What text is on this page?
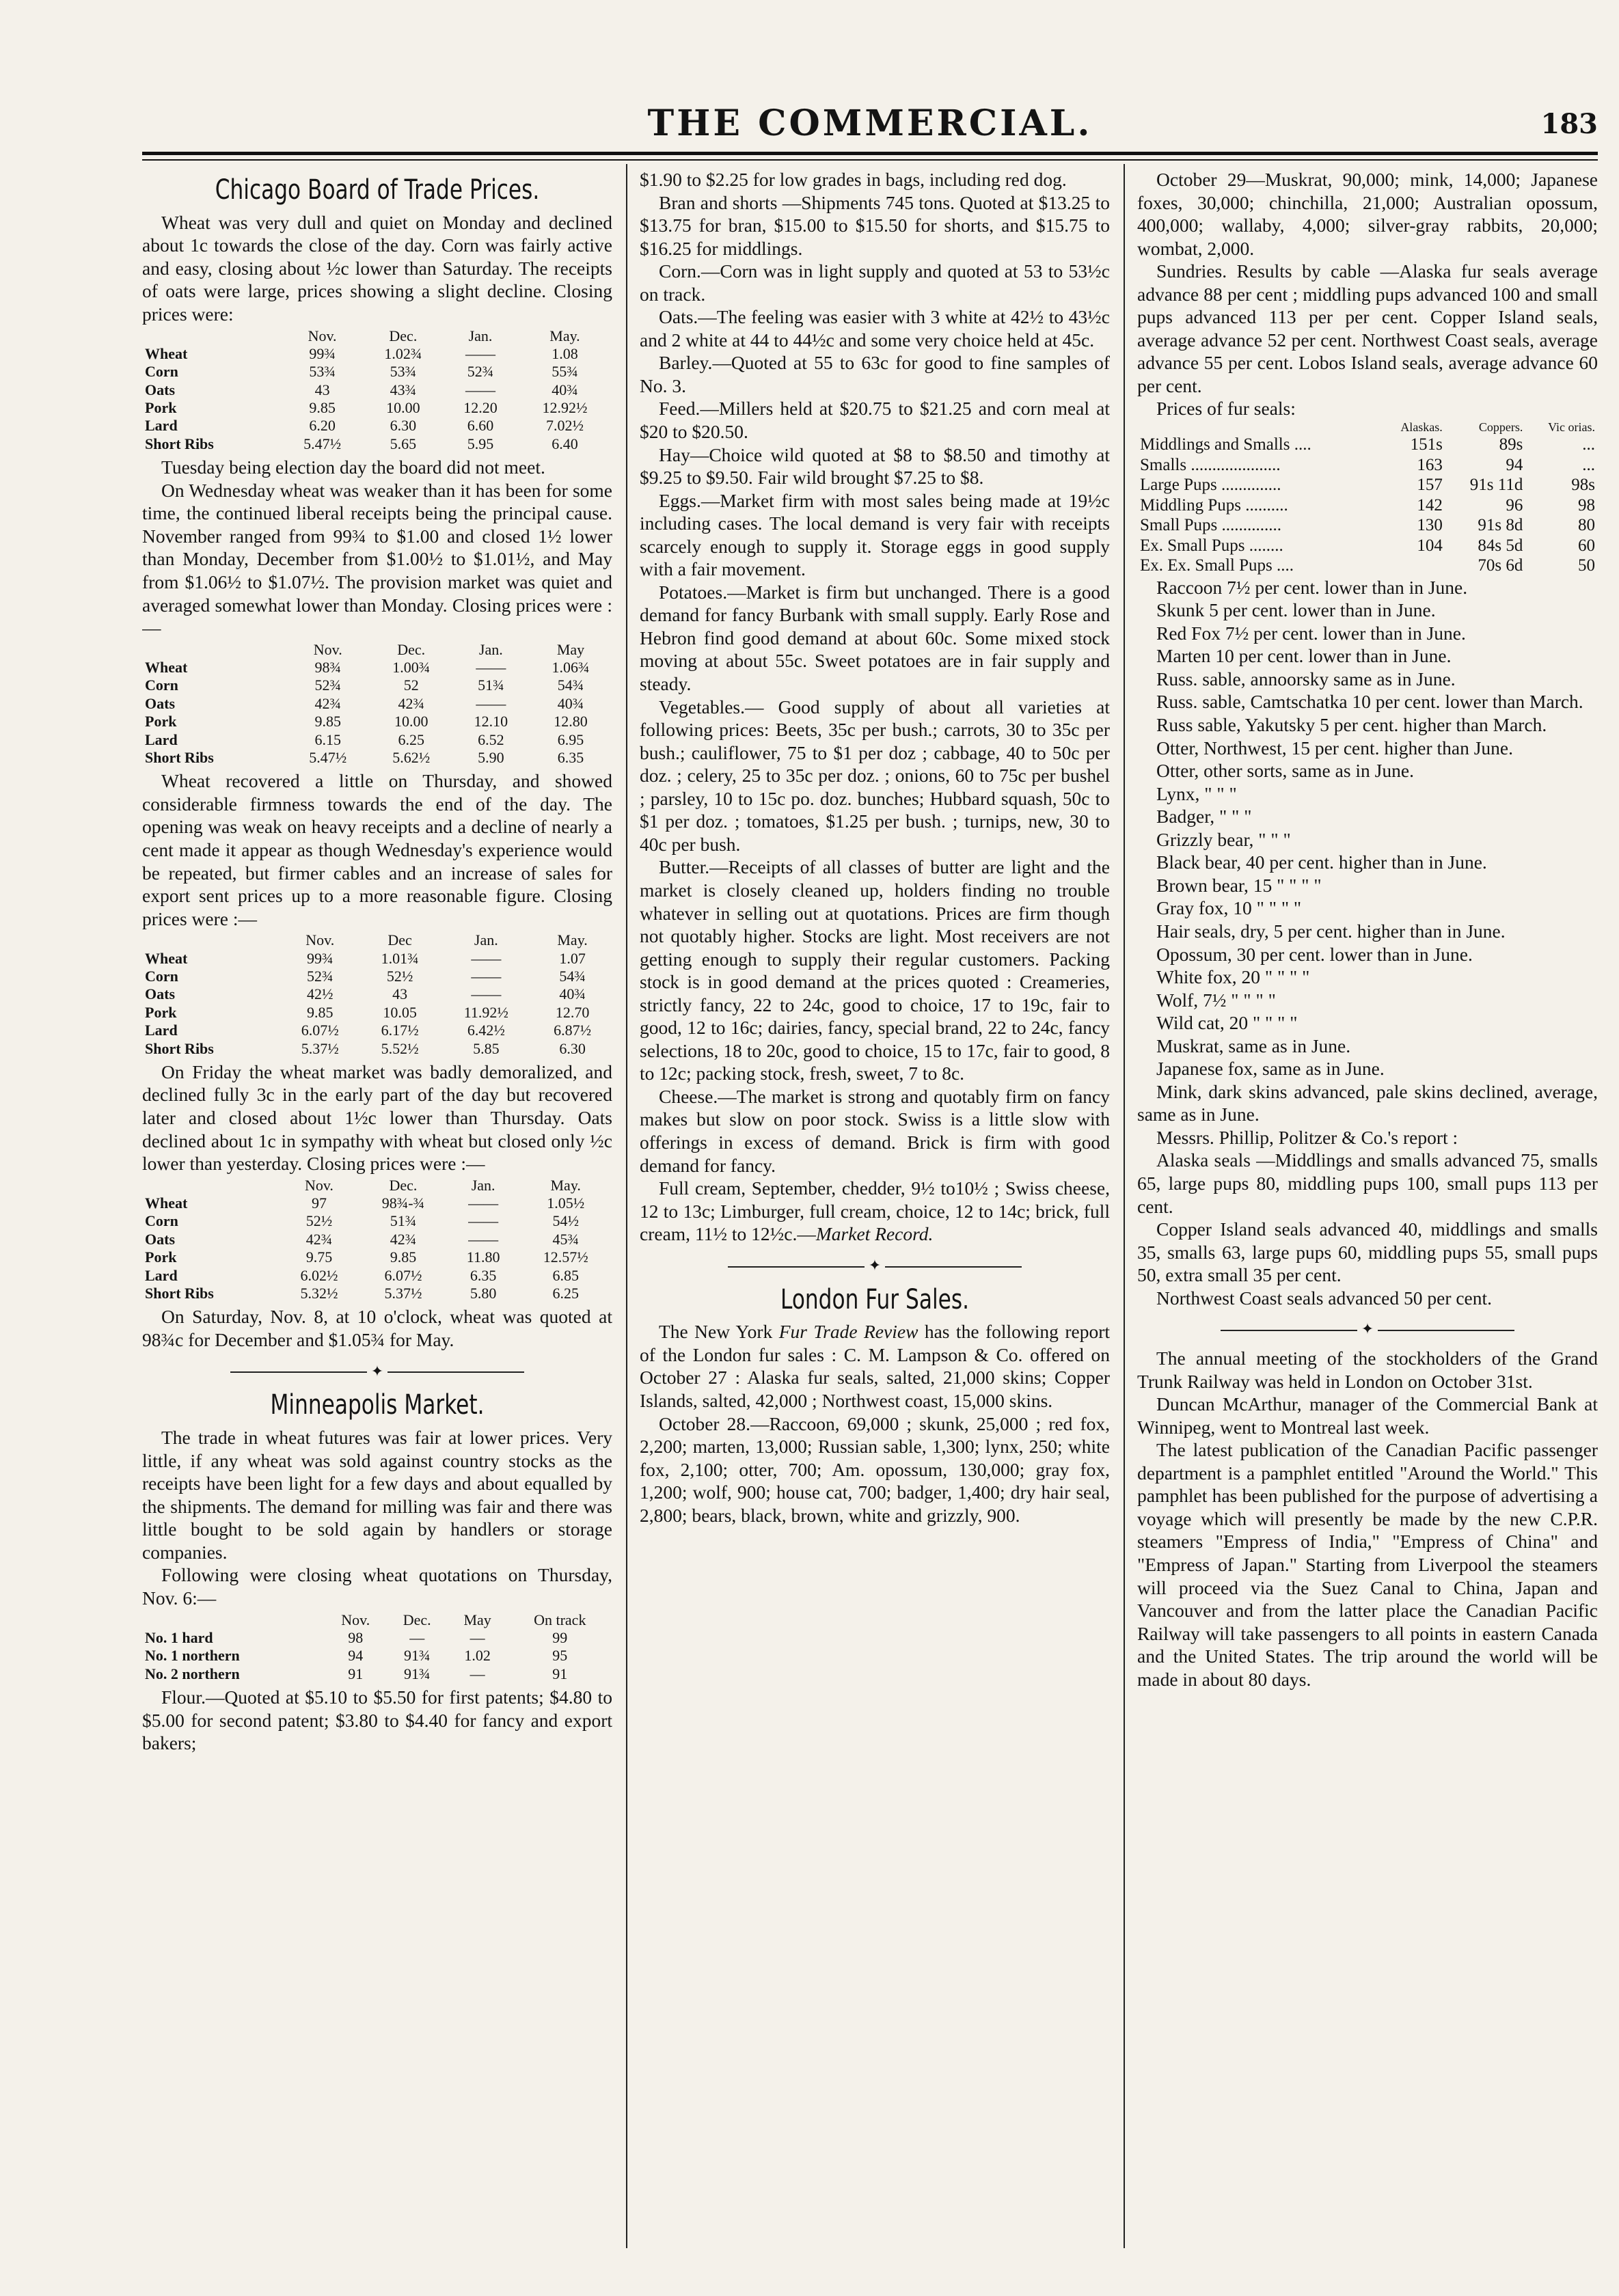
THE COMMERCIAL.	183
Chicago Board of Trade Prices.

Wheat was very dull and quiet on Monday and declined about 1c towards the close of the day. Corn was fairly active and easy, closing about ½c lower than Saturday. The receipts of oats were large, prices showing a slight decline. Closing prices were:

	Nov.	Dec.	Jan.	May.
Wheat	99¾	1.02¾	——	1.08
Corn	53¾	53¾	52¾	55¾
Oats	43	43¾	——	40¾
Pork	9.85	10.00	12.20	12.92½
Lard	6.20	6.30	6.60	7.02½
Short Ribs	5.47½	5.65	5.95	6.40

Tuesday being election day the board did not meet.

On Wednesday wheat was weaker than it has been for some time, the continued liberal receipts being the principal cause. November ranged from 99¾ to $1.00 and closed 1½ lower than Monday, December from $1.00½ to $1.01½, and May from $1.06½ to $1.07½. The provision market was quiet and averaged somewhat lower than Monday. Closing prices were :—

	Nov.	Dec.	Jan.	May
Wheat	98¾	1.00¾	——	1.06¾
Corn	52¾	52	51¾	54¾
Oats	42¾	42¾	——	40¾
Pork	9.85	10.00	12.10	12.80
Lard	6.15	6.25	6.52	6.95
Short Ribs	5.47½	5.62½	5.90	6.35

Wheat recovered a little on Thursday, and showed considerable firmness towards the end of the day. The opening was weak on heavy receipts and a decline of nearly a cent made it appear as though Wednesday's experience would be repeated, but firmer cables and an increase of sales for export sent prices up to a more reasonable figure. Closing prices were :—

	Nov.	Dec	Jan.	May.
Wheat	99¾	1.01¾	——	1.07
Corn	52¾	52½	——	54¾
Oats	42½	43	——	40¾
Pork	9.85	10.05	11.92½	12.70
Lard	6.07½	6.17½	6.42½	6.87½
Short Ribs	5.37½	5.52½	5.85	6.30

On Friday the wheat market was badly demoralized, and declined fully 3c in the early part of the day but recovered later and closed about 1½c lower than Thursday. Oats declined about 1c in sympathy with wheat but closed only ½c lower than yesterday. Closing prices were :—

	Nov.	Dec.	Jan.	May.
Wheat	97	98¾-¾	——	1.05½
Corn	52½	51¾	——	54½
Oats	42¾	42¾	——	45¾
Pork	9.75	9.85	11.80	12.57½
Lard	6.02½	6.07½	6.35	6.85
Short Ribs	5.32½	5.37½	5.80	6.25

On Saturday, Nov. 8, at 10 o'clock, wheat was quoted at 98¾c for December and $1.05¾ for May.

✦
Minneapolis Market.

The trade in wheat futures was fair at lower prices. Very little, if any wheat was sold against country stocks as the receipts have been light for a few days and about equalled by the shipments. The demand for milling was fair and there was little bought to be sold again by handlers or storage companies.

Following were closing wheat quotations on Thursday, Nov. 6:—

	Nov.	Dec.	May	On track
No. 1 hard	98	—	—	99
No. 1 northern	94	91¾	1.02	95
No. 2 northern	91	91¾	—	91

Flour.—Quoted at $5.10 to $5.50 for first patents; $4.80 to $5.00 for second patent; $3.80 to $4.40 for fancy and export bakers;

$1.90 to $2.25 for low grades in bags, including red dog.

Bran and shorts —Shipments 745 tons. Quoted at $13.25 to $13.75 for bran, $15.00 to $15.50 for shorts, and $15.75 to $16.25 for middlings.

Corn.—Corn was in light supply and quoted at 53 to 53½c on track.

Oats.—The feeling was easier with 3 white at 42½ to 43½c and 2 white at 44 to 44½c and some very choice held at 45c.

Barley.—Quoted at 55 to 63c for good to fine samples of No. 3.

Feed.—Millers held at $20.75 to $21.25 and corn meal at $20 to $20.50.

Hay—Choice wild quoted at $8 to $8.50 and timothy at $9.25 to $9.50. Fair wild brought $7.25 to $8.

Eggs.—Market firm with most sales being made at 19½c including cases. The local demand is very fair with receipts scarcely enough to supply it. Storage eggs in good supply with a fair movement.

Potatoes.—Market is firm but unchanged. There is a good demand for fancy Burbank with small supply. Early Rose and Hebron find good demand at about 60c. Some mixed stock moving at about 55c. Sweet potatoes are in fair supply and steady.

Vegetables.— Good supply of about all varieties at following prices: Beets, 35c per bush.; carrots, 30 to 35c per bush.; cauliflower, 75 to $1 per doz ; cabbage, 40 to 50c per doz. ; celery, 25 to 35c per doz. ; onions, 60 to 75c per bushel ; parsley, 10 to 15c po. doz. bunches; Hubbard squash, 50c to $1 per doz. ; tomatoes, $1.25 per bush. ; turnips, new, 30 to 40c per bush.

Butter.—Receipts of all classes of butter are light and the market is closely cleaned up, holders finding no trouble whatever in selling out at quotations. Prices are firm though not quotably higher. Stocks are light. Most receivers are not getting enough to supply their regular customers. Packing stock is in good demand at the prices quoted : Creameries, strictly fancy, 22 to 24c, good to choice, 17 to 19c, fair to good, 12 to 16c; dairies, fancy, special brand, 22 to 24c, fancy selections, 18 to 20c, good to choice, 15 to 17c, fair to good, 8 to 12c; packing stock, fresh, sweet, 7 to 8c.

Cheese.—The market is strong and quotably firm on fancy makes but slow on poor stock. Swiss is a little slow with offerings in excess of demand. Brick is firm with good demand for fancy.

Full cream, September, chedder, 9½ to10½ ; Swiss cheese, 12 to 13c; Limburger, full cream, choice, 12 to 14c; brick, full cream, 11½ to 12½c.—Market Record.

✦
London Fur Sales.

The New York Fur Trade Review has the following report of the London fur sales : C. M. Lampson & Co. offered on October 27 : Alaska fur seals, salted, 21,000 skins; Copper Islands, salted, 42,000 ; Northwest coast, 15,000 skins.

October 28.—Raccoon, 69,000 ; skunk, 25,000 ; red fox, 2,200; marten, 13,000; Russian sable, 1,300; lynx, 250; white fox, 2,100; otter, 700; Am. opossum, 130,000; gray fox, 1,200; wolf, 900; house cat, 700; badger, 1,400; dry hair seal, 2,800; bears, black, brown, white and grizzly, 900.

October 29—Muskrat, 90,000; mink, 14,000; Japanese foxes, 30,000; chinchilla, 21,000; Australian opossum, 400,000; wallaby, 4,000; silver-gray rabbits, 20,000; wombat, 2,000.

Sundries. Results by cable —Alaska fur seals average advance 88 per cent ; middling pups advanced 100 and small pups advanced 113 per per cent. Copper Island seals, average advance 52 per cent. Northwest Coast seals, average advance 55 per cent. Lobos Island seals, average advance 60 per cent.

Prices of fur seals:

	Alaskas.	Coppers.	Vic orias.
Middlings and Smalls ....	151s	89s	...
Smalls .....................	163	94	...
Large Pups ..............	157	91s 11d	98s
Middling Pups ..........	142	96	98
Small Pups ..............	130	91s 8d	80
Ex. Small Pups ........	104	84s 5d	60
Ex. Ex. Small Pups ....		70s 6d	50

Raccoon 7½ per cent. lower than in June.

Skunk 5 per cent. lower than in June.

Red Fox 7½ per cent. lower than in June.

Marten 10 per cent. lower than in June.

Russ. sable, annoorsky same as in June.

Russ. sable, Camtschatka 10 per cent. lower than March.

Russ sable, Yakutsky 5 per cent. higher than March.

Otter, Northwest, 15 per cent. higher than June.

Otter, other sorts, same as in June.

Lynx, " " "

Badger, " " "

Grizzly bear, " " "

Black bear, 40 per cent. higher than in June.

Brown bear, 15 " " " "

Gray fox, 10 " " " "

Hair seals, dry, 5 per cent. higher than in June.

Opossum, 30 per cent. lower than in June.

White fox, 20 " " " "

Wolf, 7½ " " " "

Wild cat, 20 " " " "

Muskrat, same as in June.

Japanese fox, same as in June.

Mink, dark skins advanced, pale skins declined, average, same as in June.

Messrs. Phillip, Politzer & Co.'s report :

Alaska seals —Middlings and smalls advanced 75, smalls 65, large pups 80, middling pups 100, small pups 113 per cent.

Copper Island seals advanced 40, middlings and smalls 35, smalls 63, large pups 60, middling pups 55, small pups 50, extra small 35 per cent.

Northwest Coast seals advanced 50 per cent.

✦

The annual meeting of the stockholders of the Grand Trunk Railway was held in London on October 31st.

Duncan McArthur, manager of the Commercial Bank at Winnipeg, went to Montreal last week.

The latest publication of the Canadian Pacific passenger department is a pamphlet entitled "Around the World." This pamphlet has been published for the purpose of advertising a voyage which will presently be made by the new C.P.R. steamers "Empress of India," "Empress of China" and "Empress of Japan." Starting from Liverpool the steamers will proceed via the Suez Canal to China, Japan and Vancouver and from the latter place the Canadian Pacific Railway will take passengers to all points in eastern Canada and the United States. The trip around the world will be made in about 80 days.
